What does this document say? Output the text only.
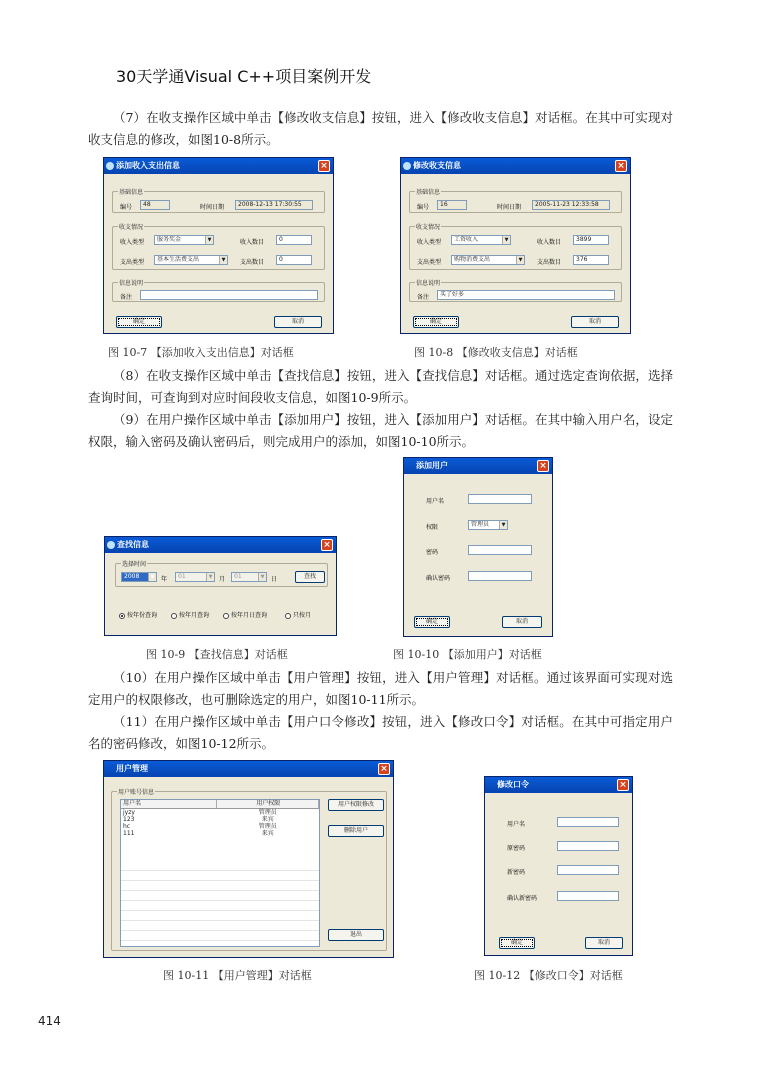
30天学通Visual C++项目案例开发

（7）在收支操作区域中单击【修改收支信息】按钮，进入【修改收支信息】对话框。在其中可实现对收支信息的修改，如图10-8所示。

添加收入支出信息	×
基础信息
编号	48	时间日期	2008-12-13 17:30:55
收支情况
收入类型	服务奖金	▼	收入数目	0
支出类型	基本生活费支出	▼ 支出数目	0
信息说明
备注
确定	取消
修改收支信息	×
基础信息
编号	16	时间日期	2005-11-23 12:33:58
收支情况
收入类型	工资收入	▼	收入数目	3899
支出类型	购物消费支出	▼ 支出数目	376
信息说明
备注	买了好多
确定	取消
图 10-7 【添加收入支出信息】对话框	图 10-8 【修改收支信息】对话框

（8）在收支操作区域中单击【查找信息】按钮，进入【查找信息】对话框。通过选定查询依据，选择查询时间，可查询到对应时间段收支信息，如图10-9所示。

（9）在用户操作区域中单击【添加用户】按钮，进入【添加用户】对话框。在其中输入用户名，设定权限，输入密码及确认密码后，则完成用户的添加，如图10-10所示。

查找信息	×
选择时间
2008	▼ 年	01	▼ 月	01	▼ 日	查找
按年份查询	按年月查询	按年月日查询	只按月
添加用户	×
用户名
权限	管理员	▼
密码
确认密码
确定	取消
图 10-9 【查找信息】对话框	图 10-10 【添加用户】对话框

（10）在用户操作区域中单击【用户管理】按钮，进入【用户管理】对话框。通过该界面可实现对选定用户的权限修改，也可删除选定的用户，如图10-11所示。

（11）在用户操作区域中单击【用户口令修改】按钮，进入【修改口令】对话框。在其中可指定用户名的密码修改，如图10-12所示。

用户管理	×
用户账号信息
用户名	用户权限
jyzy	管理员
123	来宾
hc	管理员
111	来宾
用户权限修改
删除用户
退出
修改口令	×
用户名
原密码
新密码
确认新密码
确定	取消
图 10-11 【用户管理】对话框	图 10-12 【修改口令】对话框
414
